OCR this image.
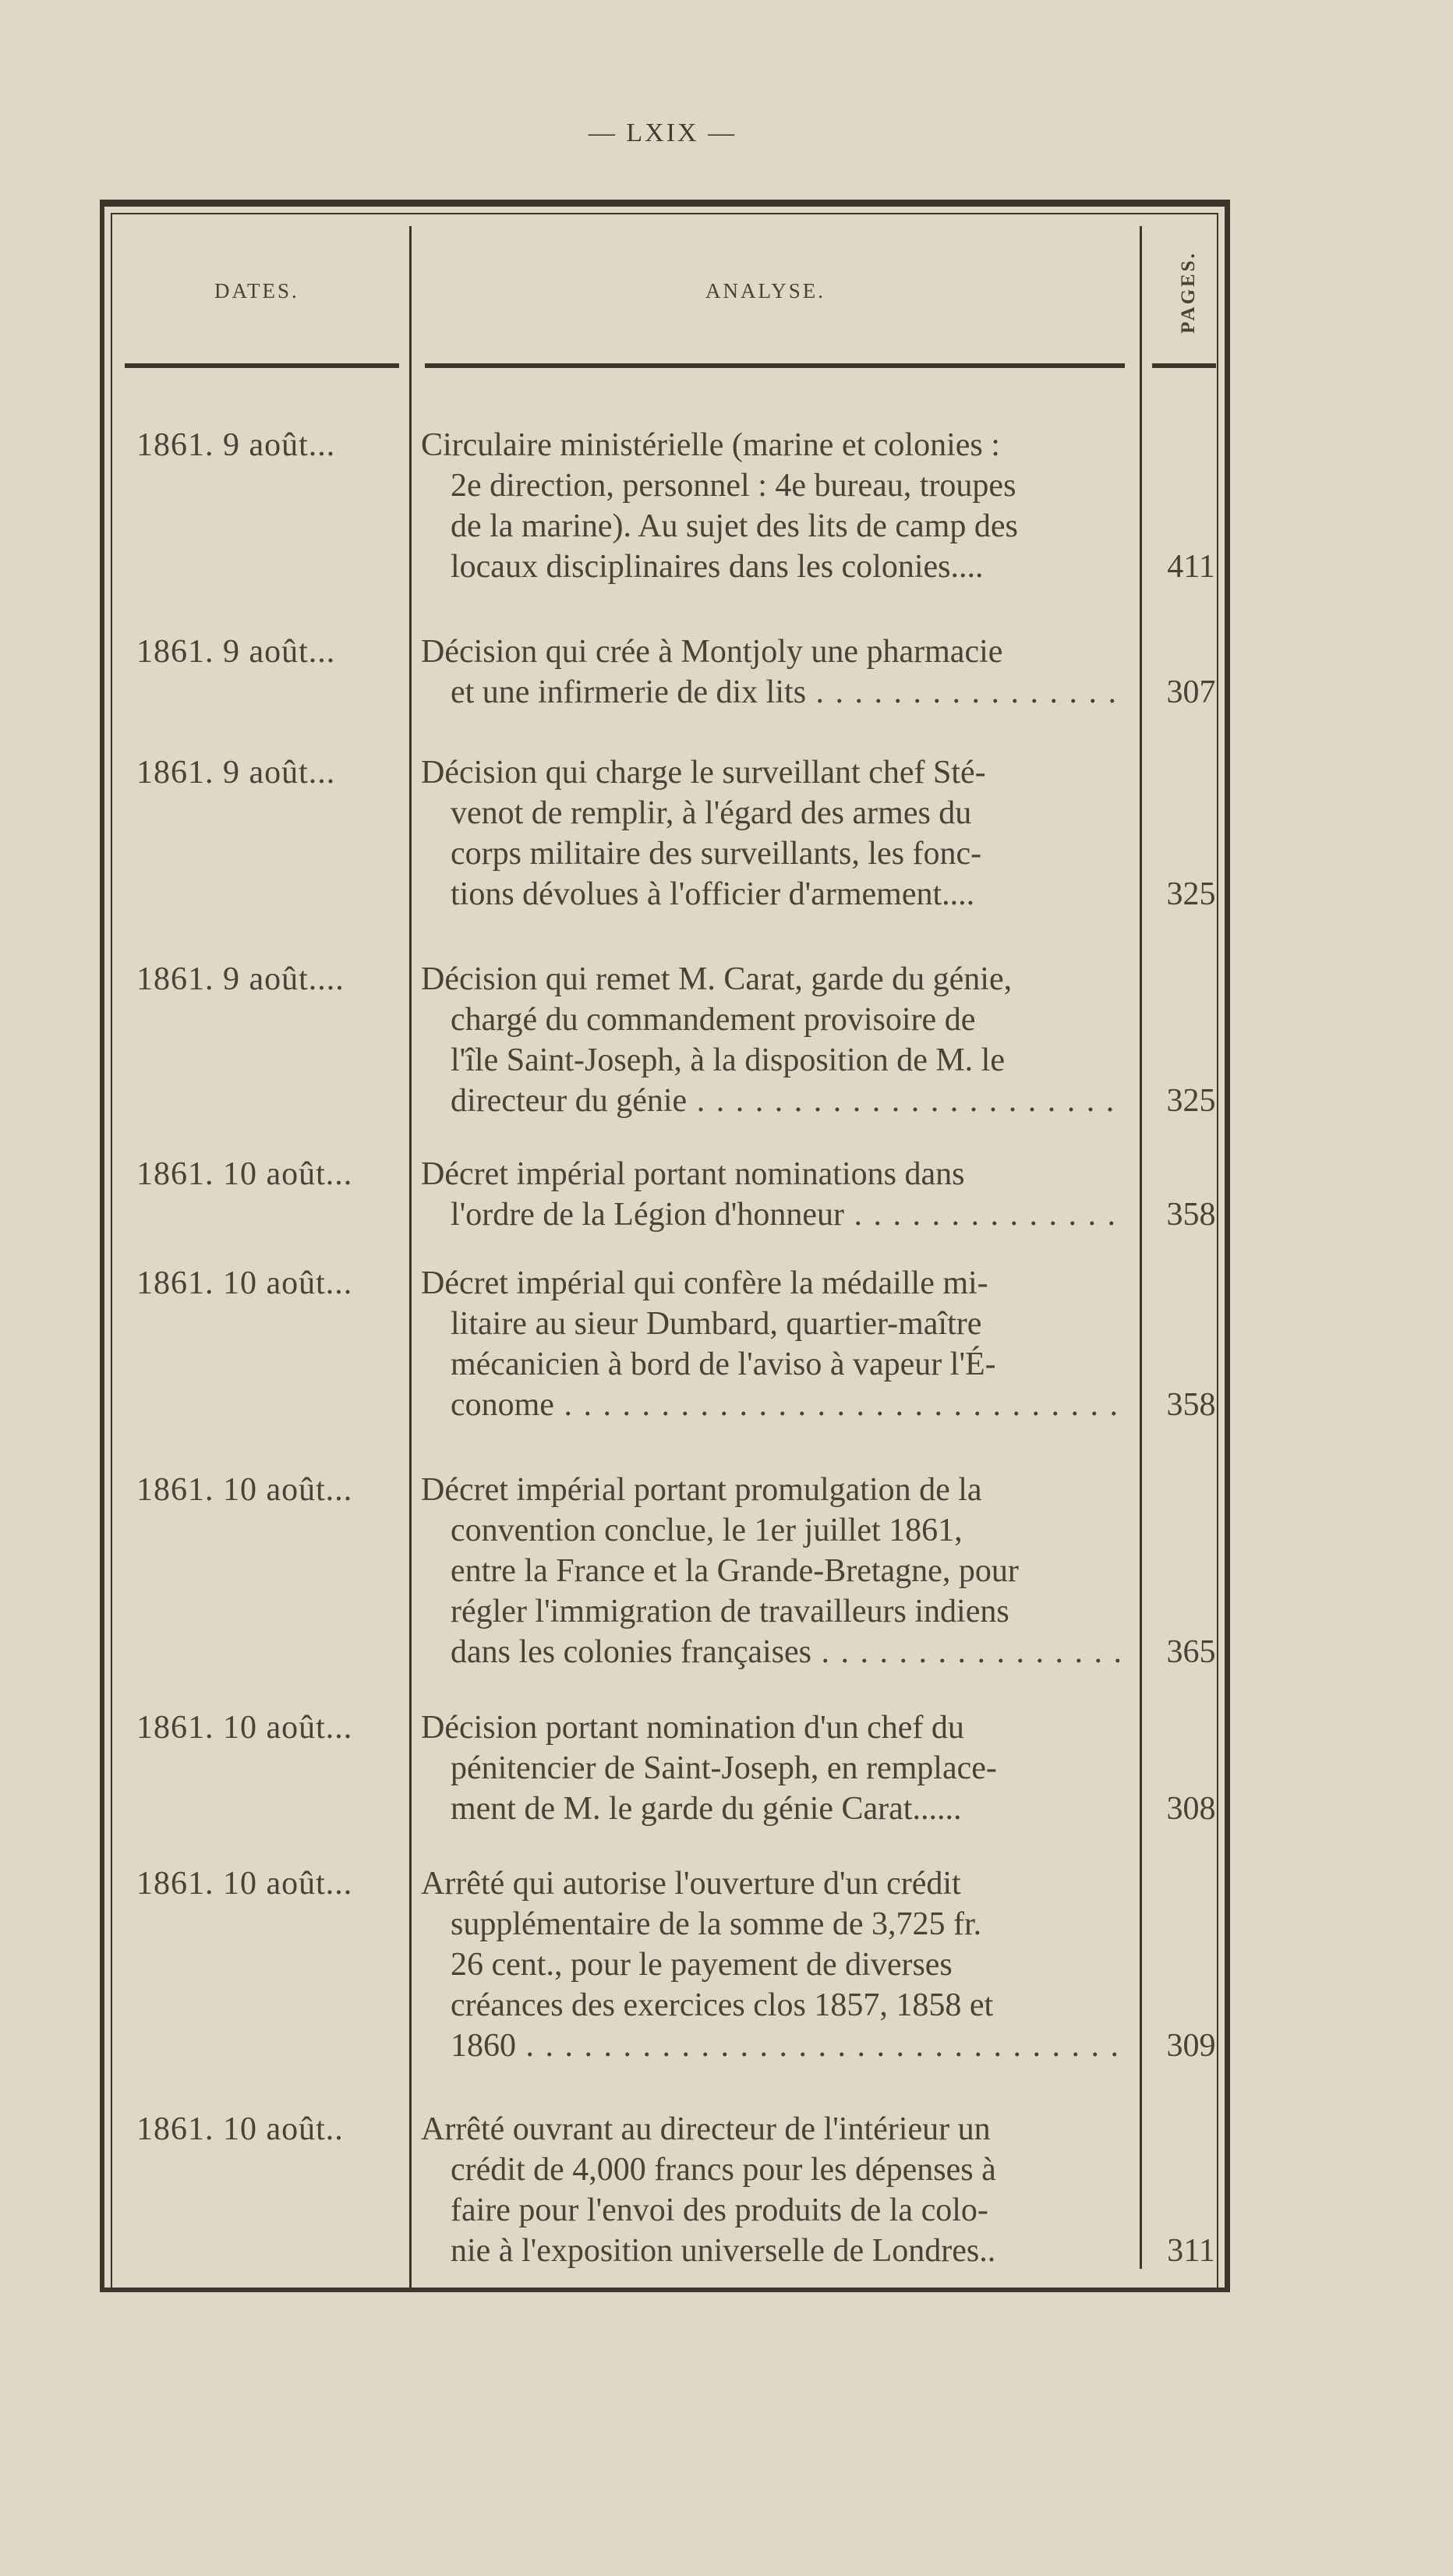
— LXIX —
DATES.	ANALYSE.	PAGES.
1861. 9 août...	Circulaire ministérielle (marine et colonies :
2e direction, personnel : 4e bureau, troupes
de la marine). Au sujet des lits de camp des
locaux disciplinaires dans les colonies....	411
1861. 9 août...	Décision qui crée à Montjoly une pharmacie
et une infirmerie de dix lits . . .	307
1861. 9 août...	Décision qui charge le surveillant chef Sté-
venot de remplir, à l'égard des armes du
corps militaire des surveillants, les fonc-
tions dévolues à l'officier d'armement....	325
1861. 9 août.... Décision qui remet M. Carat, garde du génie,
chargé du commandement provisoire de
l'île Saint-Joseph, à la disposition de M. le
directeur du génie . . .	325
1861. 10 août... Décret impérial portant nominations dans
l'ordre de la Légion d'honneur . . .	358
1861. 10 août... Décret impérial qui confère la médaille mi-
litaire au sieur Dumbard, quartier-maître
mécanicien à bord de l'aviso à vapeur l'É-
conome . . .	358
1861. 10 août... Décret impérial portant promulgation de la
convention conclue, le 1er juillet 1861,
entre la France et la Grande-Bretagne, pour
régler l'immigration de travailleurs indiens
dans les colonies françaises . . .	365
1861. 10 août... Décision portant nomination d'un chef du
pénitencier de Saint-Joseph, en remplace-
ment de M. le garde du génie Carat......	308
1861. 10 août... Arrêté qui autorise l'ouverture d'un crédit
supplémentaire de la somme de 3,725 fr.
26 cent., pour le payement de diverses
créances des exercices clos 1857, 1858 et
1860 . . .	309
1861. 10 août.. Arrêté ouvrant au directeur de l'intérieur un
crédit de 4,000 francs pour les dépenses à
faire pour l'envoi des produits de la colo-
nie à l'exposition universelle de Londres..	311
